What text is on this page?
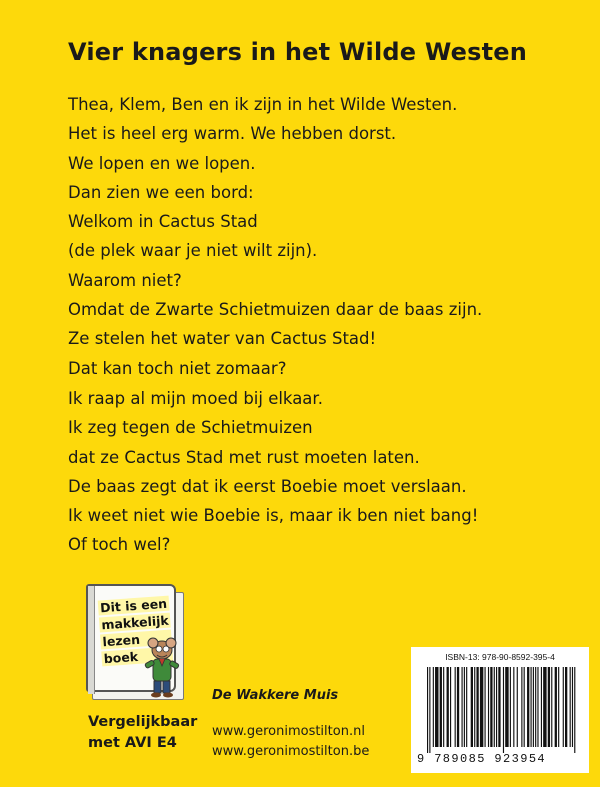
Vier knagers in het Wilde Westen
Thea, Klem, Ben en ik zijn in het Wilde Westen.
Het is heel erg warm. We hebben dorst.
We lopen en we lopen.
Dan zien we een bord:
Welkom in Cactus Stad
(de plek waar je niet wilt zijn).
Waarom niet?
Omdat de Zwarte Schietmuizen daar de baas zijn.
Ze stelen het water van Cactus Stad!
Dat kan toch niet zomaar?
Ik raap al mijn moed bij elkaar.
Ik zeg tegen de Schietmuizen
dat ze Cactus Stad met rust moeten laten.
De baas zegt dat ik eerst Boebie moet verslaan.
Ik weet niet wie Boebie is, maar ik ben niet bang!
Of toch wel?
Dit is een
makkelijk
lezen
boek
Vergelijkbaar
met AVI E4
De Wakkere Muis
www.geronimostilton.nl
www.geronimostilton.be
ISBN-13: 978-90-8592-395-4
9 789085 923954
